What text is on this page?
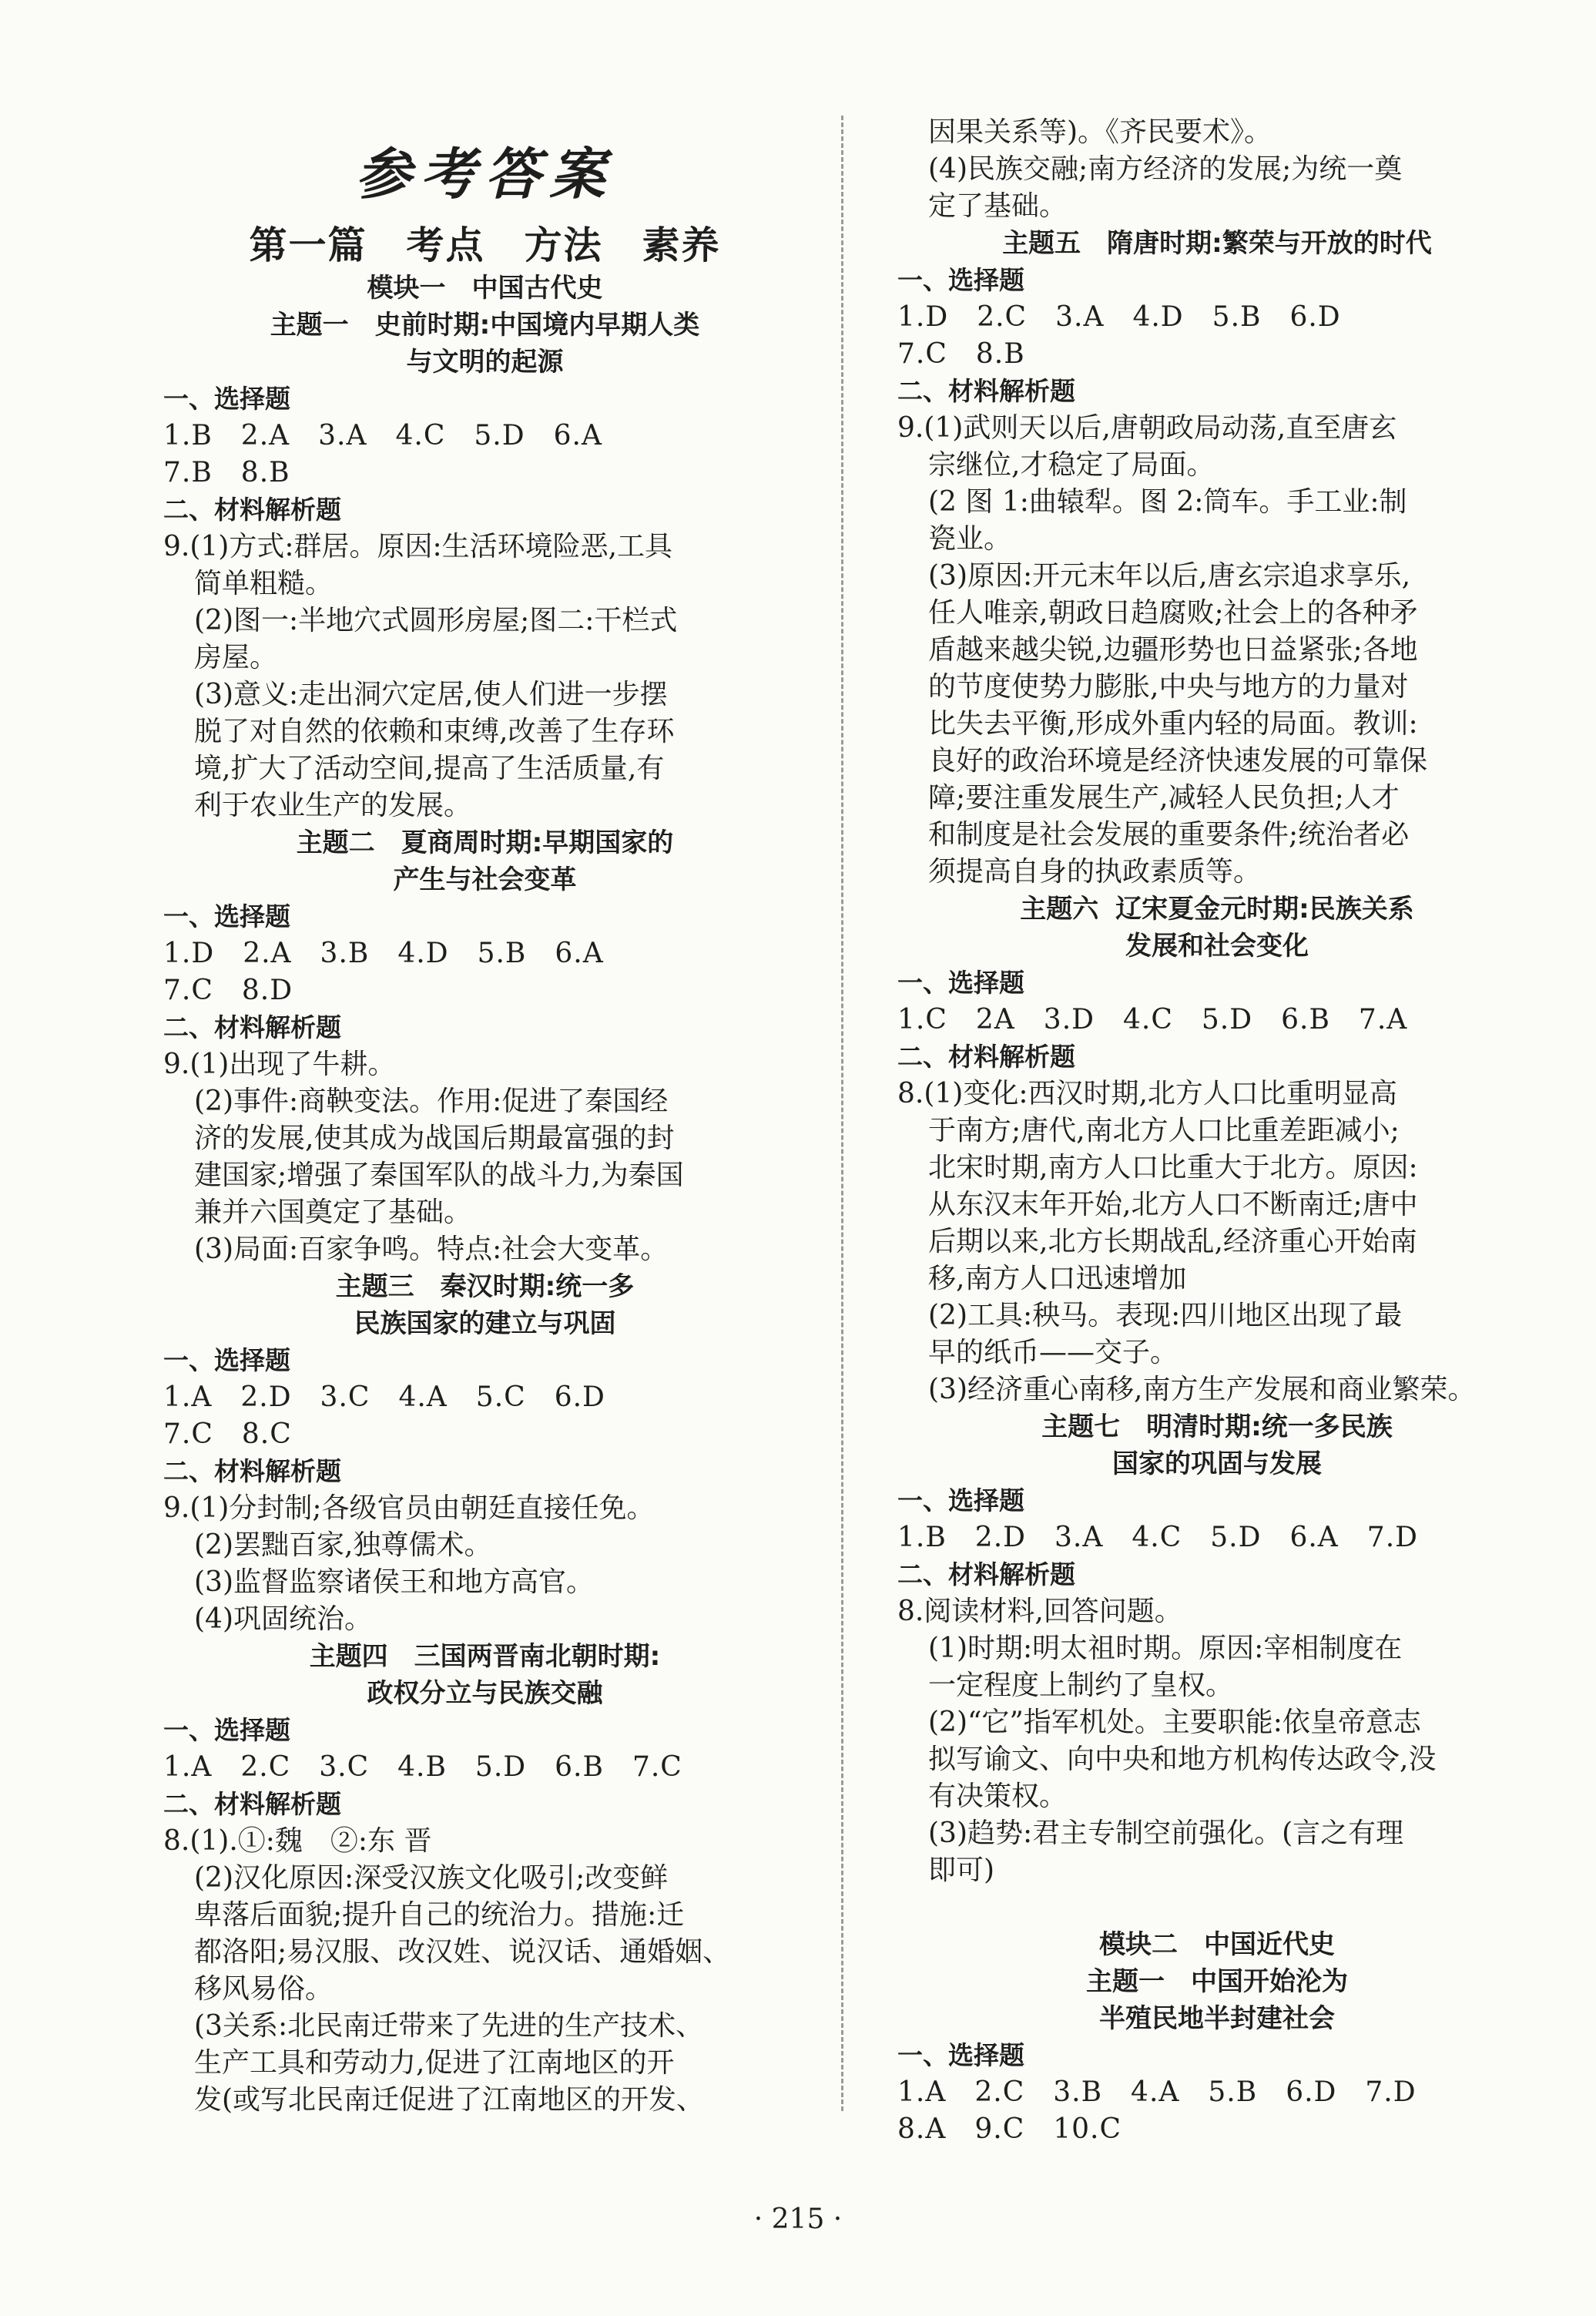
参考答案
第一篇　考点　方法　素养
模块一　中国古代史
主题一　史前时期:中国境内早期人类
与文明的起源
一、选择题
1.B　2.A　3.A　4.C　5.D　6.A
7.B　8.B
二、材料解析题
9.(1)方式:群居。原因:生活环境险恶,工具
简单粗糙。
(2)图一:半地穴式圆形房屋;图二:干栏式
房屋。
(3)意义:走出洞穴定居,使人们进一步摆
脱了对自然的依赖和束缚,改善了生存环
境,扩大了活动空间,提高了生活质量,有
利于农业生产的发展。
主题二　夏商周时期:早期国家的
产生与社会变革
一、选择题
1.D　2.A　3.B　4.D　5.B　6.A
7.C　8.D
二、材料解析题
9.(1)出现了牛耕。
(2)事件:商鞅变法。作用:促进了秦国经
济的发展,使其成为战国后期最富强的封
建国家;增强了秦国军队的战斗力,为秦国
兼并六国奠定了基础。
(3)局面:百家争鸣。特点:社会大变革。
主题三　秦汉时期:统一多
民族国家的建立与巩固
一、选择题
1.A　2.D　3.C　4.A　5.C　6.D
7.C　8.C
二、材料解析题
9.(1)分封制;各级官员由朝廷直接任免。
(2)罢黜百家,独尊儒术。
(3)监督监察诸侯王和地方高官。
(4)巩固统治。
主题四　三国两晋南北朝时期:
政权分立与民族交融
一、选择题
1.A　2.C　3.C　4.B　5.D　6.B　7.C
二、材料解析题
8.(1).①:魏　②:东 晋
(2)汉化原因:深受汉族文化吸引;改变鲜
卑落后面貌;提升自己的统治力。措施:迁
都洛阳;易汉服、改汉姓、说汉话、通婚姻、
移风易俗。
(3关系:北民南迁带来了先进的生产技术、
生产工具和劳动力,促进了江南地区的开
发(或写北民南迁促进了江南地区的开发、
因果关系等)。《齐民要术》。
(4)民族交融;南方经济的发展;为统一奠
定了基础。
主题五　隋唐时期:繁荣与开放的时代
一、选择题
1.D　2.C　3.A　4.D　5.B　6.D
7.C　8.B
二、材料解析题
9.(1)武则天以后,唐朝政局动荡,直至唐玄
宗继位,才稳定了局面。
(2 图 1:曲辕犁。图 2:筒车。手工业:制
瓷业。
(3)原因:开元末年以后,唐玄宗追求享乐,
任人唯亲,朝政日趋腐败;社会上的各种矛
盾越来越尖锐,边疆形势也日益紧张;各地
的节度使势力膨胀,中央与地方的力量对
比失去平衡,形成外重内轻的局面。教训:
良好的政治环境是经济快速发展的可靠保
障;要注重发展生产,减轻人民负担;人才
和制度是社会发展的重要条件;统治者必
须提高自身的执政素质等。
主题六 辽宋夏金元时期:民族关系
发展和社会变化
一、选择题
1.C　2A　3.D　4.C　5.D　6.B　7.A
二、材料解析题
8.(1)变化:西汉时期,北方人口比重明显高
于南方;唐代,南北方人口比重差距减小;
北宋时期,南方人口比重大于北方。原因:
从东汉末年开始,北方人口不断南迁;唐中
后期以来,北方长期战乱,经济重心开始南
移,南方人口迅速增加
(2)工具:秧马。表现:四川地区出现了最
早的纸币——交子。
(3)经济重心南移,南方生产发展和商业繁荣。
主题七　明清时期:统一多民族
国家的巩固与发展
一、选择题
1.B　2.D　3.A　4.C　5.D　6.A　7.D
二、材料解析题
8.阅读材料,回答问题。
(1)时期:明太祖时期。原因:宰相制度在
一定程度上制约了皇权。
(2)“它”指军机处。主要职能:依皇帝意志
拟写谕文、向中央和地方机构传达政令,没
有决策权。
(3)趋势:君主专制空前强化。(言之有理
即可)
模块二　中国近代史
主题一　中国开始沦为
半殖民地半封建社会
一、选择题
1.A　2.C　3.B　4.A　5.B　6.D　7.D
8.A　9.C　10.C
· 215 ·
